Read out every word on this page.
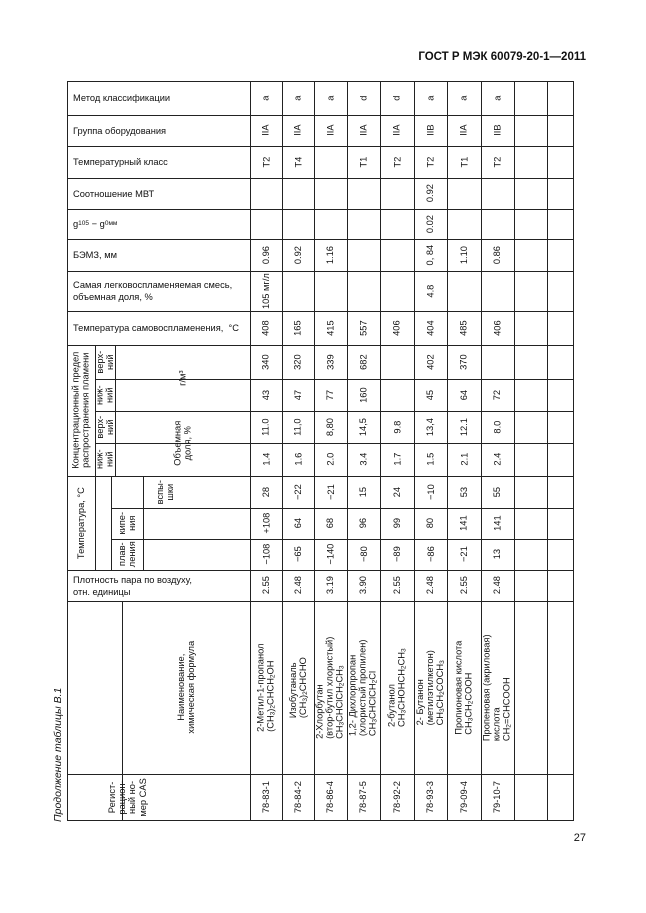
ГОСТ Р МЭК 60079-20-1—2011
Продолжение таблицы В.1
27
Метод классификации
Группа оборудования
Температурный класс
Соотношение МВТ
g 105 − g 0 мм
БЭМЗ, мм
Самая легковоспламеняемая смесь,
объемная доля, %
Температура самовоспламенения,  °С
Плотность пара по воздуху,
отн. единицы
Концентрационный предел
распространения пламени верх-
ний
ниж-
ний
верх-
ний
ниж-
ний
г/м³
Объемная
доля, %
Температура, °С	вспы-
шки
кипе-
ния
плав-
ления
Наименование,
химическая формула
Регист-
рацион-
ный но-
мер CAS
a
IIA
T2
0.96
105 мг/л
408
340
43
11.0
1.4
28
+108
−108
2.55
78-83-1
2-Метил-1-пропанол $(CH_3)_2CHCH_2OH$
a
IIA
T4
0.92
165
320
47
11,0
1.6
−22
64
−65
2.48
78-84-2
Изобутаналь $(CH_3)_2CHCHO$
a
IIA
1.16
415
339
77
8,80
2.0
−21
68
−140
3.19
78-86-4
2-Хлорбутан
(втор-бутил хлористый)
$CH_3CHClCH_2CH_3$
d
IIA
T1
557
682
160
14,5
3.4
15
96
−80
3.90
78-87-5
1,2- Дихлорпропан
(хлористый пропилен)
$CH_3CHClCH_2Cl$
d
IIA
T2
406
9.8
1.7
24
99
−89
2.55
78-92-2
2-бутанол $CH_3CHOHCH_2CH_3$
a
IIB
T2
0.92
0.02
0, 84
4.8
404
402
45
13,4
1.5
−10
80
−86
2.48
78-93-3
2- Бутанон
(метилэтилкетон) $CH_3CH_2COCH_3$
a
IIA
T1
1.10
485
370
64
12.1
2.1
53
141
−21
2.55
79-09-4
Пропионовая кислота $CH_3CH_2COOH$
a
IIB
T2
0.86
406
72
8.0
2.4
55
141
13
2.48
79-10-7
Пропеновая (акриловая)
кислота $CH_2=CHCOOH$
